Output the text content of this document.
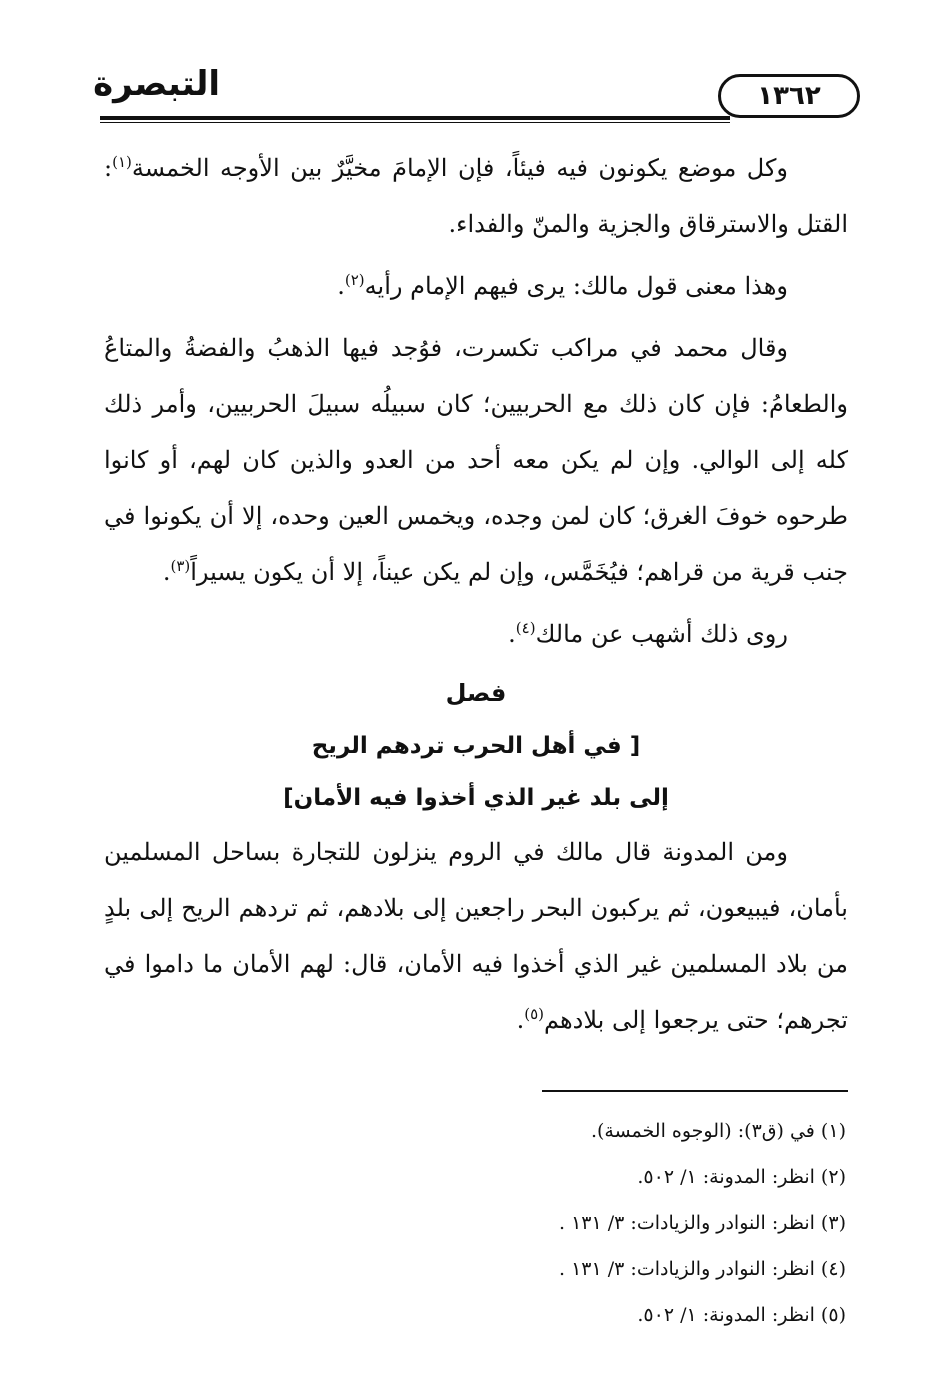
التبصرة	١٣٦٢

وكل موضع يكونون فيه فيئاً، فإن الإمامَ مخيَّرٌ بين الأوجه الخمسة$^{(١)}$: القتل والاسترقاق والجزية والمنّ والفداء.

وهذا معنى قول مالك: يرى فيهم الإمام رأيه$^{(٢)}$.

وقال محمد في مراكب تكسرت، فوُجد فيها الذهبُ والفضةُ والمتاعُ والطعامُ: فإن كان ذلك مع الحربيين؛ كان سبيلُه سبيلَ الحربيين، وأمر ذلك كله إلى الوالي. وإن لم يكن معه أحد من العدو والذين كان لهم، أو كانوا طرحوه خوفَ الغرق؛ كان لمن وجده، ويخمس العين وحده، إلا أن يكونوا في جنب قرية من قراهم؛ فيُخَمَّس، وإن لم يكن عيناً، إلا أن يكون يسيراً$^{(٣)}$.

روى ذلك أشهب عن مالك$^{(٤)}$.

فصل

[ في أهل الحرب تردهم الريح

إلى بلد غير الذي أخذوا فيه الأمان]

ومن المدونة قال مالك في الروم ينزلون للتجارة بساحل المسلمين بأمان، فيبيعون، ثم يركبون البحر راجعين إلى بلادهم، ثم تردهم الريح إلى بلدٍ من بلاد المسلمين غير الذي أخذوا فيه الأمان، قال: لهم الأمان ما داموا في تجرهم؛ حتى يرجعوا إلى بلادهم$^{(٥)}$.

(١) في (ق٣): (الوجوه الخمسة).

(٢) انظر: المدونة: ١/ ٥٠٢.

(٣) انظر: النوادر والزيادات: ٣/ ١٣١ .

(٤) انظر: النوادر والزيادات: ٣/ ١٣١ .

(٥) انظر: المدونة: ١/ ٥٠٢.
